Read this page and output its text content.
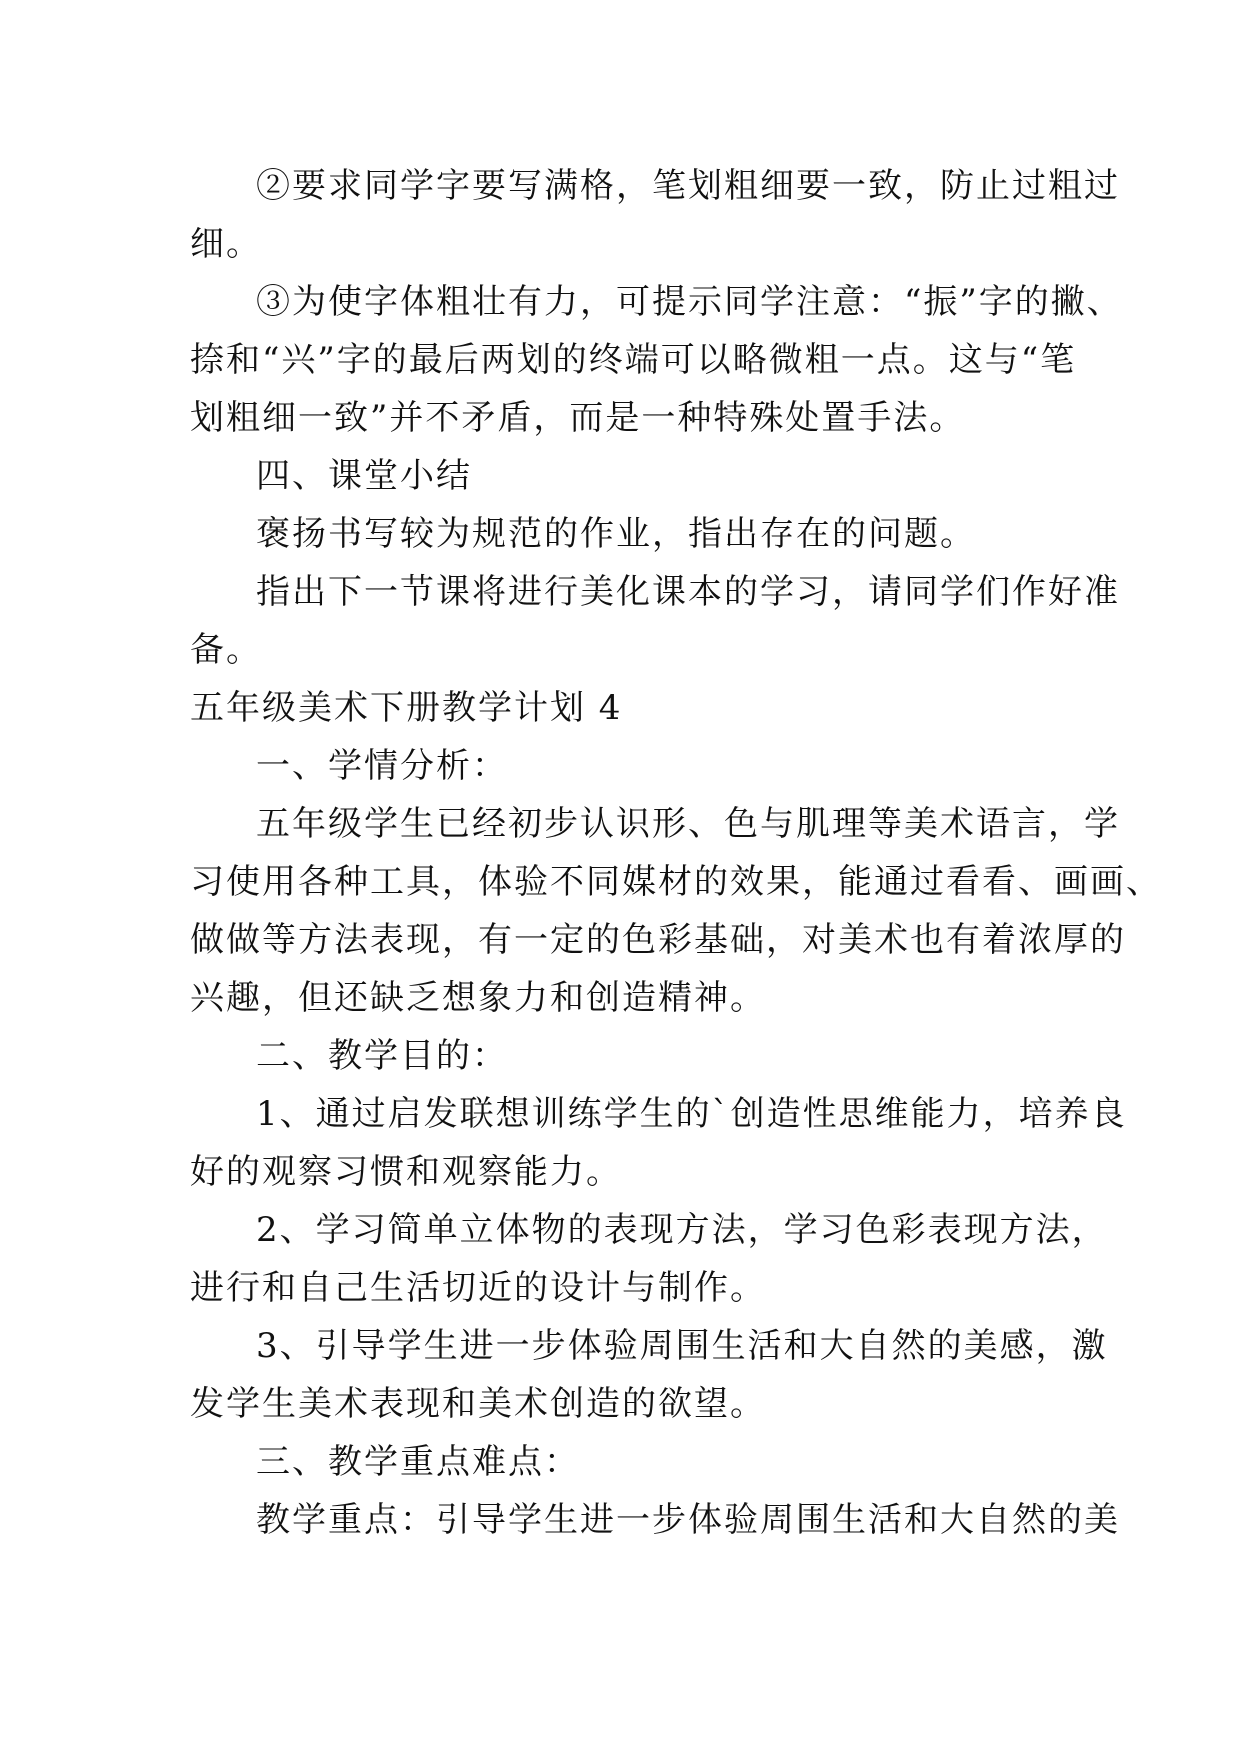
②要求同学字要写满格，笔划粗细要一致，防止过粗过
细。
③为使字体粗壮有力，可提示同学注意：“振”字的撇、
捺和“兴”字的最后两划的终端可以略微粗一点。这与“笔
划粗细一致”并不矛盾，而是一种特殊处置手法。
四、课堂小结
褒扬书写较为规范的作业，指出存在的问题。
指出下一节课将进行美化课本的学习，请同学们作好准
备。
五年级美术下册教学计划 4
一、学情分析：
五年级学生已经初步认识形、色与肌理等美术语言，学
习使用各种工具，体验不同媒材的效果，能通过看看、画画、
做做等方法表现，有一定的色彩基础，对美术也有着浓厚的
兴趣，但还缺乏想象力和创造精神。
二、教学目的：
1、通过启发联想训练学生的`创造性思维能力，培养良
好的观察习惯和观察能力。
2、学习简单立体物的表现方法，学习色彩表现方法，
进行和自己生活切近的设计与制作。
3、引导学生进一步体验周围生活和大自然的美感，激
发学生美术表现和美术创造的欲望。
三、教学重点难点：
教学重点：引导学生进一步体验周围生活和大自然的美
